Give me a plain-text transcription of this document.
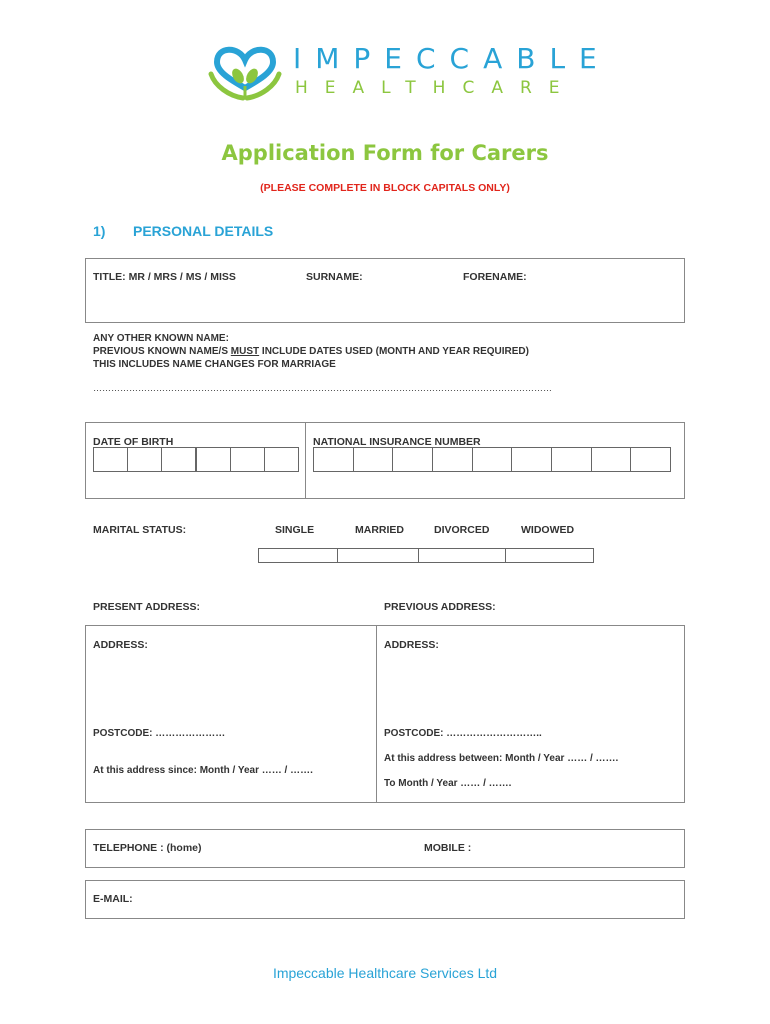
IMPECCABLE
HEALTHCARE
Application Form for Carers
(PLEASE COMPLETE IN BLOCK CAPITALS ONLY)
1) PERSONAL DETAILS
TITLE: MR / MRS / MS / MISS	SURNAME:	FORENAME:
ANY OTHER KNOWN NAME:
PREVIOUS KNOWN NAME/S MUST INCLUDE DATES USED (MONTH AND YEAR REQUIRED)
THIS INCLUDES NAME CHANGES FOR MARRIAGE
………………………………………………………………………………………………………………………………………
DATE OF BIRTH	NATIONAL INSURANCE NUMBER
MARITAL STATUS:	SINGLE	MARRIED	DIVORCED	WIDOWED
PRESENT ADDRESS:	PREVIOUS ADDRESS:
ADDRESS:	ADDRESS:
POSTCODE: …………………	POSTCODE: ………………………..
At this address since: Month / Year …… / …….
At this address between: Month / Year …… / …….
To Month / Year …… / …….
TELEPHONE : (home)	MOBILE :
E-MAIL:
Impeccable Healthcare Services Ltd
